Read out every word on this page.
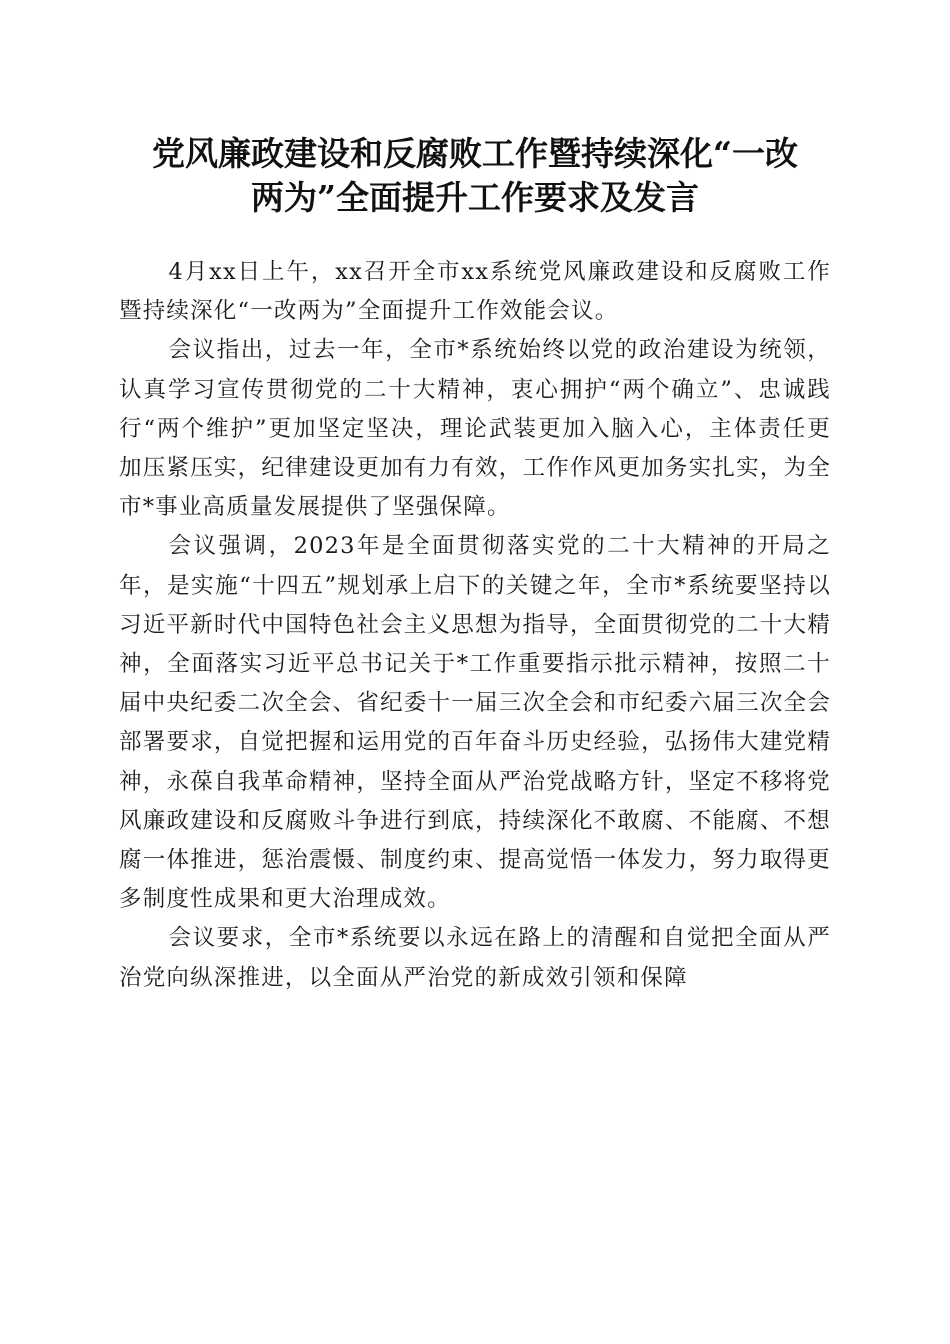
党风廉政建设和反腐败工作暨持续深化“一改
两为”全面提升工作要求及发言

4月xx日上午，xx召开全市xx系统党风廉政建设和反腐败工作暨持续深化“一改两为”全面提升工作效能会议。

会议指出，过去一年，全市*系统始终以党的政治建设为统领，认真学习宣传贯彻党的二十大精神，衷心拥护“两个确立”、忠诚践行“两个维护”更加坚定坚决，理论武装更加入脑入心，主体责任更加压紧压实，纪律建设更加有力有效，工作作风更加务实扎实，为全市*事业高质量发展提供了坚强保障。

会议强调，2023年是全面贯彻落实党的二十大精神的开局之年，是实施“十四五”规划承上启下的关键之年，全市*系统要坚持以习近平新时代中国特色社会主义思想为指导，全面贯彻党的二十大精神，全面落实习近平总书记关于*工作重要指示批示精神，按照二十届中央纪委二次全会、省纪委十一届三次全会和市纪委六届三次全会部署要求，自觉把握和运用党的百年奋斗历史经验，弘扬伟大建党精神，永葆自我革命精神，坚持全面从严治党战略方针，坚定不移将党风廉政建设和反腐败斗争进行到底，持续深化不敢腐、不能腐、不想腐一体推进，惩治震慑、制度约束、提高觉悟一体发力，努力取得更多制度性成果和更大治理成效。

会议要求，全市*系统要以永远在路上的清醒和自觉把全面从严治党向纵深推进，以全面从严治党的新成效引领和保障
